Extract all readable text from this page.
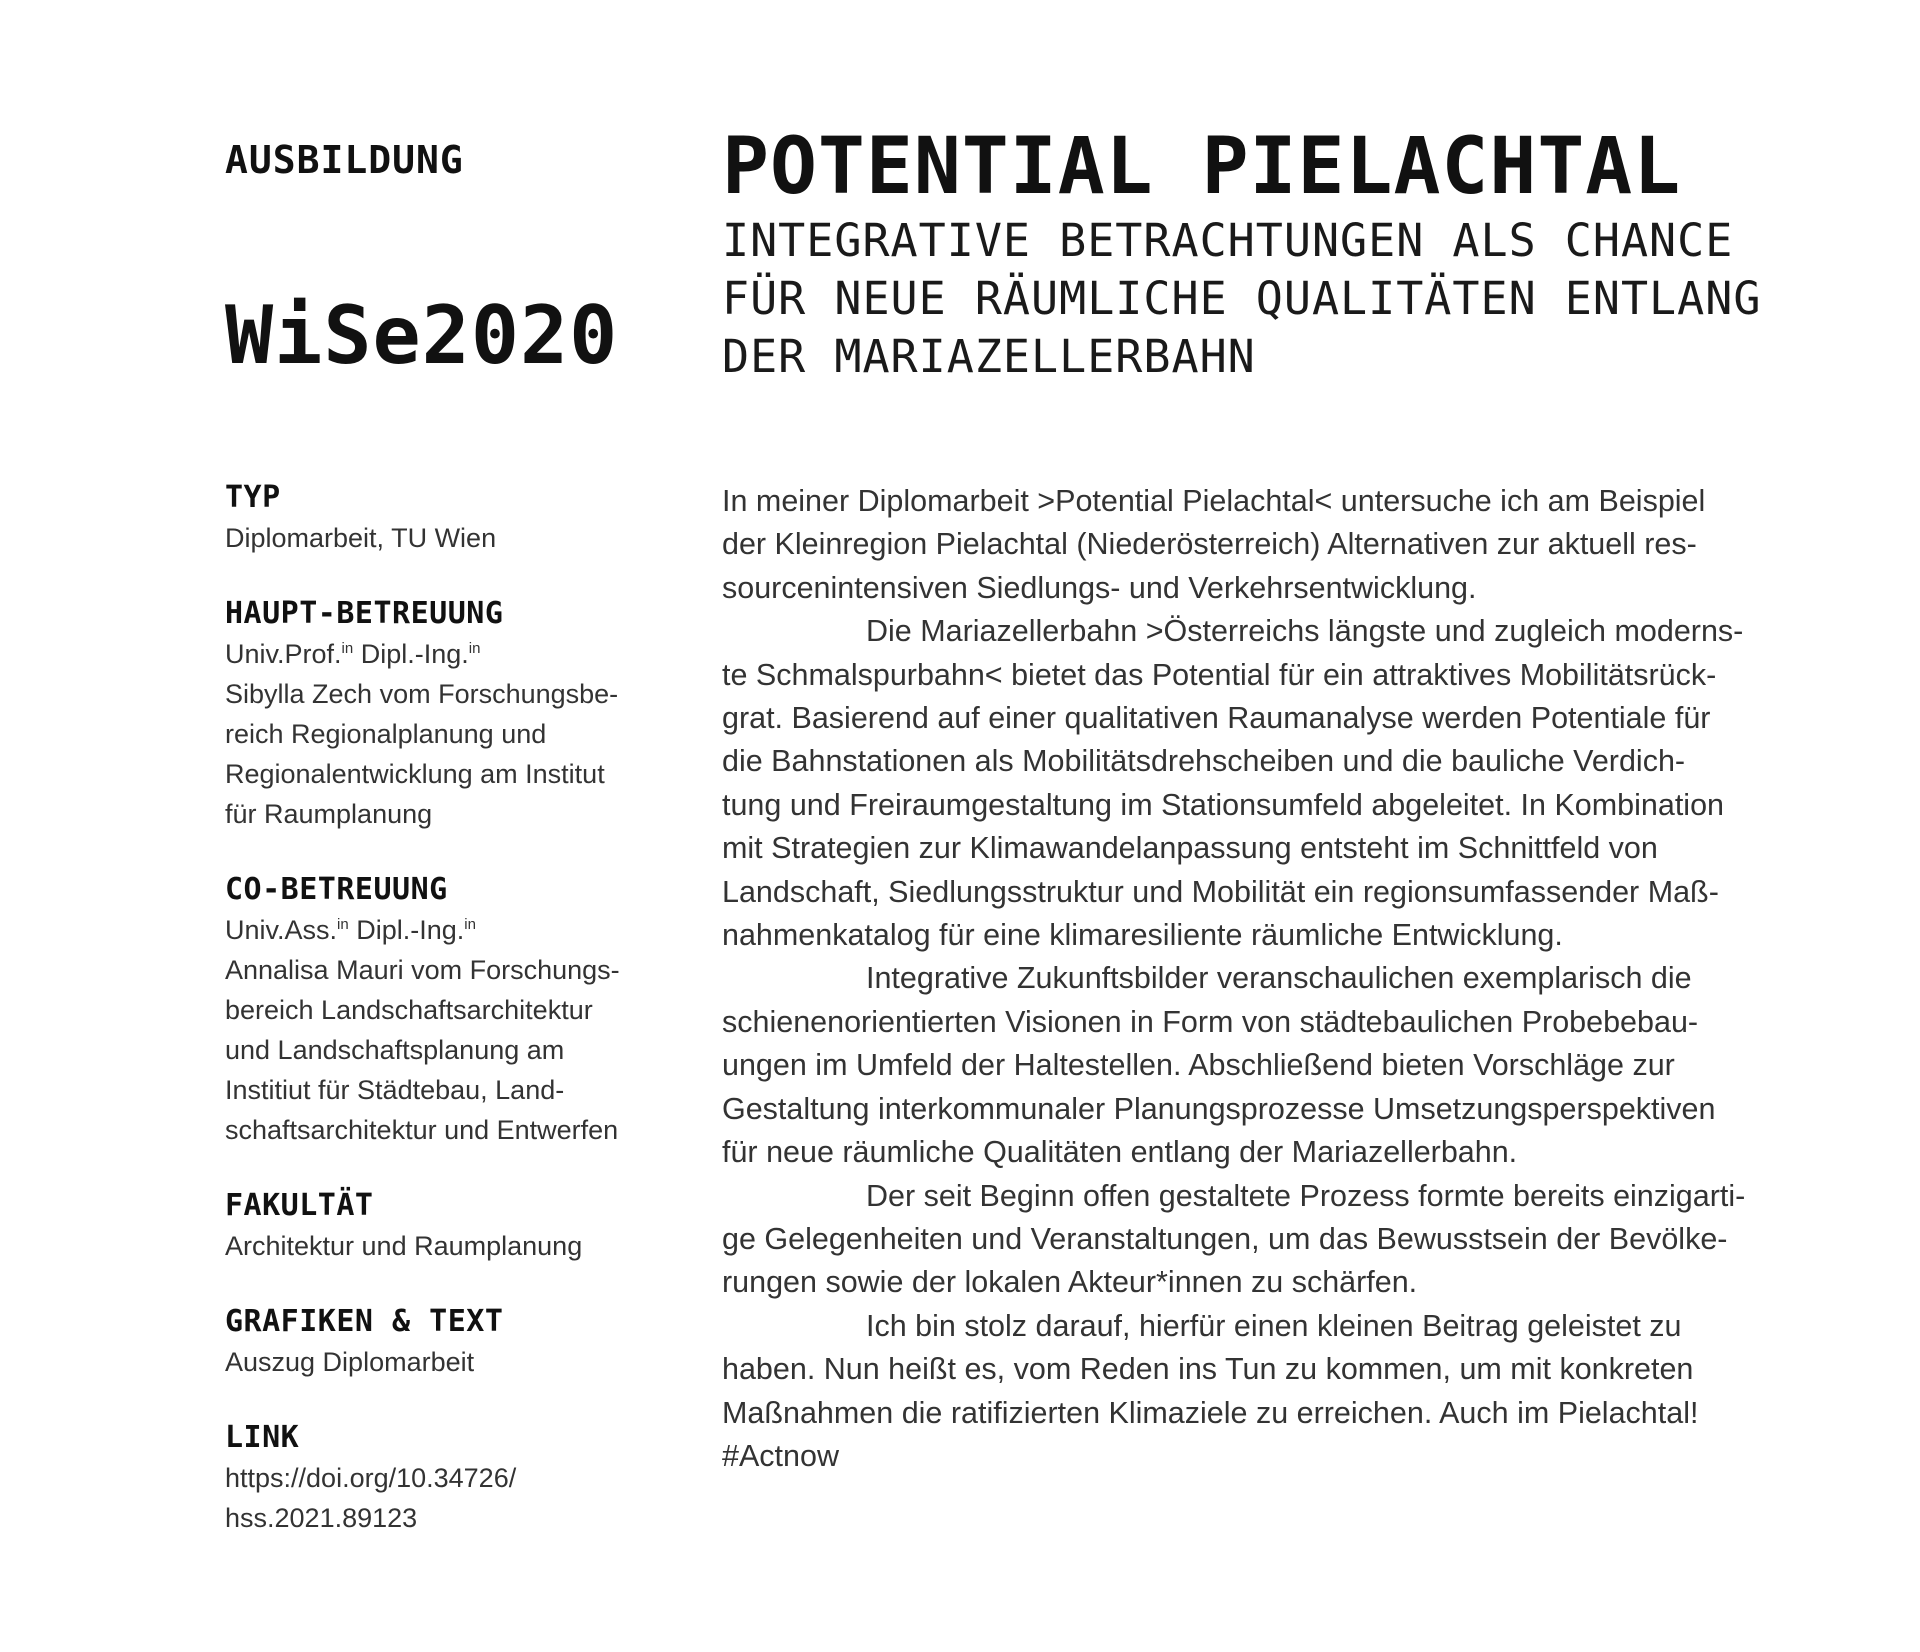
AUSBILDUNG
WiSe2020
POTENTIAL PIELACHTAL
INTEGRATIVE BETRACHTUNGEN ALS CHANCE
FÜR NEUE RÄUMLICHE QUALITÄTEN ENTLANG
DER MARIAZELLERBAHN
TYP
Diplomarbeit, TU Wien
HAUPT-BETREUUNG
Univ.Prof.$^{in}$ Dipl.-Ing.$^{in}$
Sibylla Zech vom Forschungsbe-
reich Regionalplanung und
Regionalentwicklung am Institut
für Raumplanung
CO-BETREUUNG
Univ.Ass.$^{in}$ Dipl.-Ing.$^{in}$
Annalisa Mauri vom Forschungs-
bereich Landschaftsarchitektur
und Landschaftsplanung am
Institiut für Städtebau, Land-
schaftsarchitektur und Entwerfen
FAKULTÄT
Architektur und Raumplanung
GRAFIKEN & TEXT
Auszug Diplomarbeit
LINK
https://doi.org/10.34726/
hss.2021.89123

In meiner Diplomarbeit >Potential Pielachtal< untersuche ich am Beispiel
der Kleinregion Pielachtal (Niederösterreich) Alternativen zur aktuell res-
sourcenintensiven Siedlungs- und Verkehrsentwicklung.

Die Mariazellerbahn >Österreichs längste und zugleich moderns-
te Schmalspurbahn< bietet das Potential für ein attraktives Mobilitätsrück-
grat. Basierend auf einer qualitativen Raumanalyse werden Potentiale für
die Bahnstationen als Mobilitätsdrehscheiben und die bauliche Verdich-
tung und Freiraumgestaltung im Stationsumfeld abgeleitet. In Kombination
mit Strategien zur Klimawandelanpassung entsteht im Schnittfeld von
Landschaft, Siedlungsstruktur und Mobilität ein regionsumfassender Maß-
nahmenkatalog für eine klimaresiliente räumliche Entwicklung.

Integrative Zukunftsbilder veranschaulichen exemplarisch die
schienenorientierten Visionen in Form von städtebaulichen Probebebau-
ungen im Umfeld der Haltestellen. Abschließend bieten Vorschläge zur
Gestaltung interkommunaler Planungsprozesse Umsetzungsperspektiven
für neue räumliche Qualitäten entlang der Mariazellerbahn.

Der seit Beginn offen gestaltete Prozess formte bereits einzigarti-
ge Gelegenheiten und Veranstaltungen, um das Bewusstsein der Bevölke-
rungen sowie der lokalen Akteur*innen zu schärfen.

Ich bin stolz darauf, hierfür einen kleinen Beitrag geleistet zu
haben. Nun heißt es, vom Reden ins Tun zu kommen, um mit konkreten
Maßnahmen die ratifizierten Klimaziele zu erreichen. Auch im Pielachtal!
#Actnow
